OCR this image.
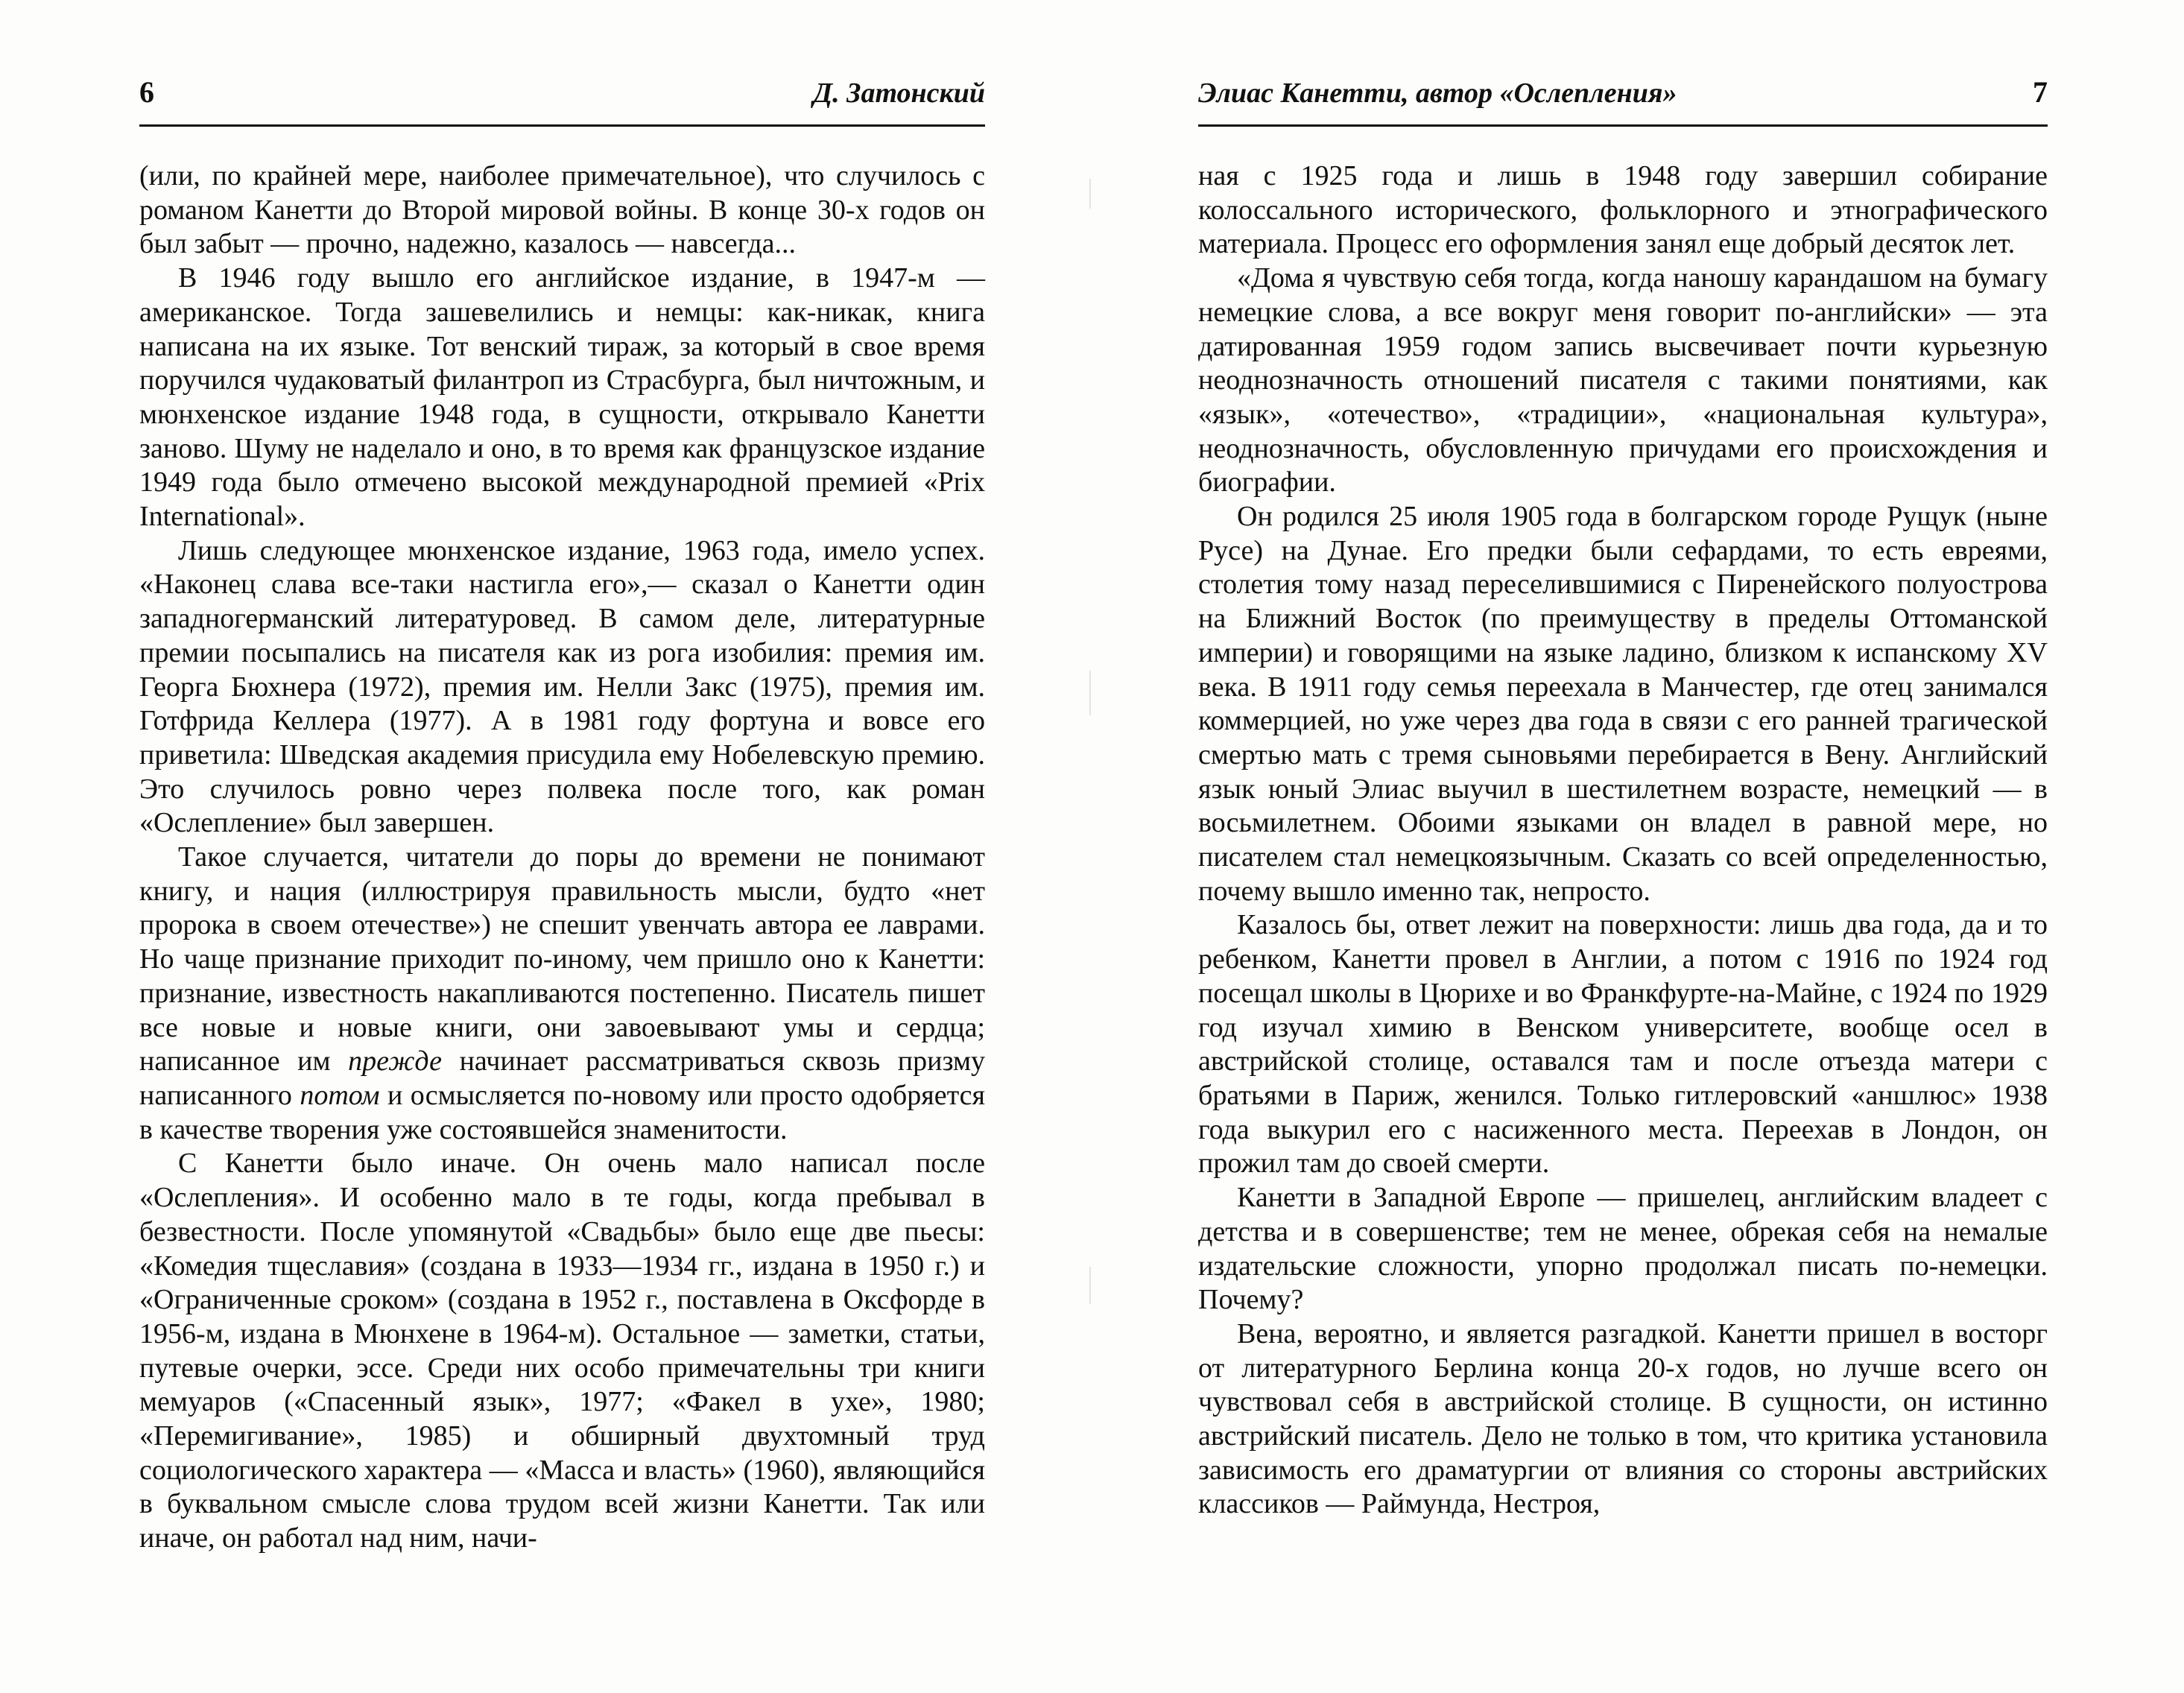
6	Д. Затонский

(или, по крайней мере, наиболее примечательное), что случилось с романом Канетти до Второй мировой войны. В конце 30-х годов он был забыт — прочно, надежно, казалось — навсегда...

В 1946 году вышло его английское издание, в 1947-м — американское. Тогда зашевелились и немцы: как-никак, книга написана на их языке. Тот венский тираж, за который в свое время поручился чудаковатый филантроп из Страсбурга, был ничтожным, и мюнхенское издание 1948 года, в сущности, открывало Канетти заново. Шуму не наделало и оно, в то время как французское издание 1949 года было отмечено высокой международной премией «Prix International».

Лишь следующее мюнхенское издание, 1963 года, имело успех. «Наконец слава все-таки настигла его»,— сказал о Канетти один западногерманский литературовед. В самом деле, литературные премии посыпались на писателя как из рога изобилия: премия им. Георга Бюхнера (1972), премия им. Нелли Закс (1975), премия им. Готфрида Келлера (1977). А в 1981 году фортуна и вовсе его приветила: Шведская академия присудила ему Нобелевскую премию. Это случилось ровно через полвека после того, как роман «Ослепление» был завершен.

Такое случается, читатели до поры до времени не понимают книгу, и нация (иллюстрируя правильность мысли, будто «нет пророка в своем отечестве») не спешит увенчать автора ее лаврами. Но чаще признание приходит по-иному, чем пришло оно к Канетти: признание, известность накапливаются постепенно. Писатель пишет все новые и новые книги, они завоевывают умы и сердца; написанное им прежде начинает рассматриваться сквозь призму написанного потом и осмысляется по-новому или просто одобряется в качестве творения уже состоявшейся знаменитости.

С Канетти было иначе. Он очень мало написал после «Ослепления». И особенно мало в те годы, когда пребывал в безвестности. После упомянутой «Свадьбы» было еще две пьесы: «Комедия тщеславия» (создана в 1933—1934 гг., издана в 1950 г.) и «Ограниченные сроком» (создана в 1952 г., поставлена в Оксфорде в 1956-м, издана в Мюнхене в 1964-м). Остальное — заметки, статьи, путевые очерки, эссе. Среди них особо примечательны три книги мемуаров («Спасенный язык», 1977; «Факел в ухе», 1980; «Перемигивание», 1985) и обширный двухтомный труд социологического характера — «Масса и власть» (1960), являющийся в буквальном смысле слова трудом всей жизни Канетти. Так или иначе, он работал над ним, начи-

Элиас Канетти, автор «Ослепления»	7

ная с 1925 года и лишь в 1948 году завершил собирание колоссального исторического, фольклорного и этнографического материала. Процесс его оформления занял еще добрый десяток лет.

«Дома я чувствую себя тогда, когда наношу карандашом на бумагу немецкие слова, а все вокруг меня говорит по-английски» — эта датированная 1959 годом запись высвечивает почти курьезную неоднозначность отношений писателя с такими понятиями, как «язык», «отечество», «традиции», «национальная культура», неоднозначность, обусловленную причудами его происхождения и биографии.

Он родился 25 июля 1905 года в болгарском городе Рущук (ныне Русе) на Дунае. Его предки были сефардами, то есть евреями, столетия тому назад переселившимися с Пиренейского полуострова на Ближний Восток (по преимуществу в пределы Оттоманской империи) и говорящими на языке ладино, близком к испанскому XV века. В 1911 году семья переехала в Манчестер, где отец занимался коммерцией, но уже через два года в связи с его ранней трагической смертью мать с тремя сыновьями перебирается в Вену. Английский язык юный Элиас выучил в шестилетнем возрасте, немецкий — в восьмилетнем. Обоими языками он владел в равной мере, но писателем стал немецкоязычным. Сказать со всей определенностью, почему вышло именно так, непросто.

Казалось бы, ответ лежит на поверхности: лишь два года, да и то ребенком, Канетти провел в Англии, а потом с 1916 по 1924 год посещал школы в Цюрихе и во Франкфурте-на-Майне, с 1924 по 1929 год изучал химию в Венском университете, вообще осел в австрийской столице, оставался там и после отъезда матери с братьями в Париж, женился. Только гитлеровский «аншлюс» 1938 года выкурил его с насиженного места. Переехав в Лондон, он прожил там до своей смерти.

Канетти в Западной Европе — пришелец, английским владеет с детства и в совершенстве; тем не менее, обрекая себя на немалые издательские сложности, упорно продолжал писать по-немецки. Почему?

Вена, вероятно, и является разгадкой. Канетти пришел в восторг от литературного Берлина конца 20-х годов, но лучше всего он чувствовал себя в австрийской столице. В сущности, он истинно австрийский писатель. Дело не только в том, что критика установила зависимость его драматургии от влияния со стороны австрийских классиков — Раймунда, Нестроя,
